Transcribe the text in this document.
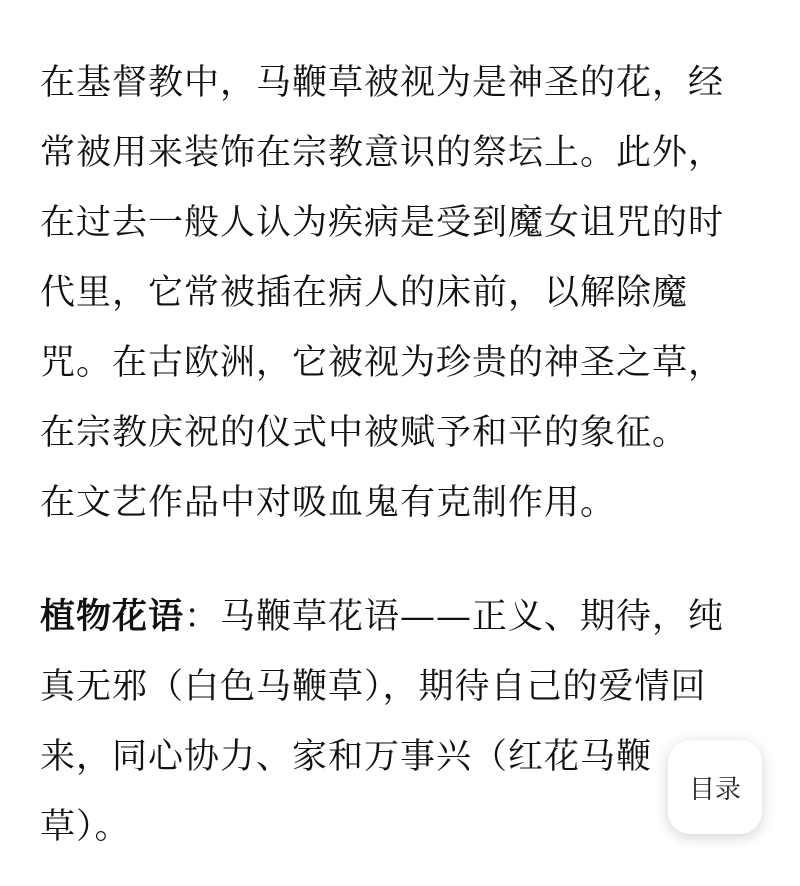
在基督教中，马鞭草被视为是神圣的花，经
常被用来装饰在宗教意识的祭坛上。此外，
在过去一般人认为疾病是受到魔女诅咒的时
代里，它常被插在病人的床前，以解除魔
咒。在古欧洲，它被视为珍贵的神圣之草，
在宗教庆祝的仪式中被赋予和平的象征。
在文艺作品中对吸血鬼有克制作用。
植物花语：马鞭草花语——正义、期待，纯
真无邪（白色马鞭草），期待自己的爱情回
来，同心协力、家和万事兴（红花马鞭
草）。
目录
